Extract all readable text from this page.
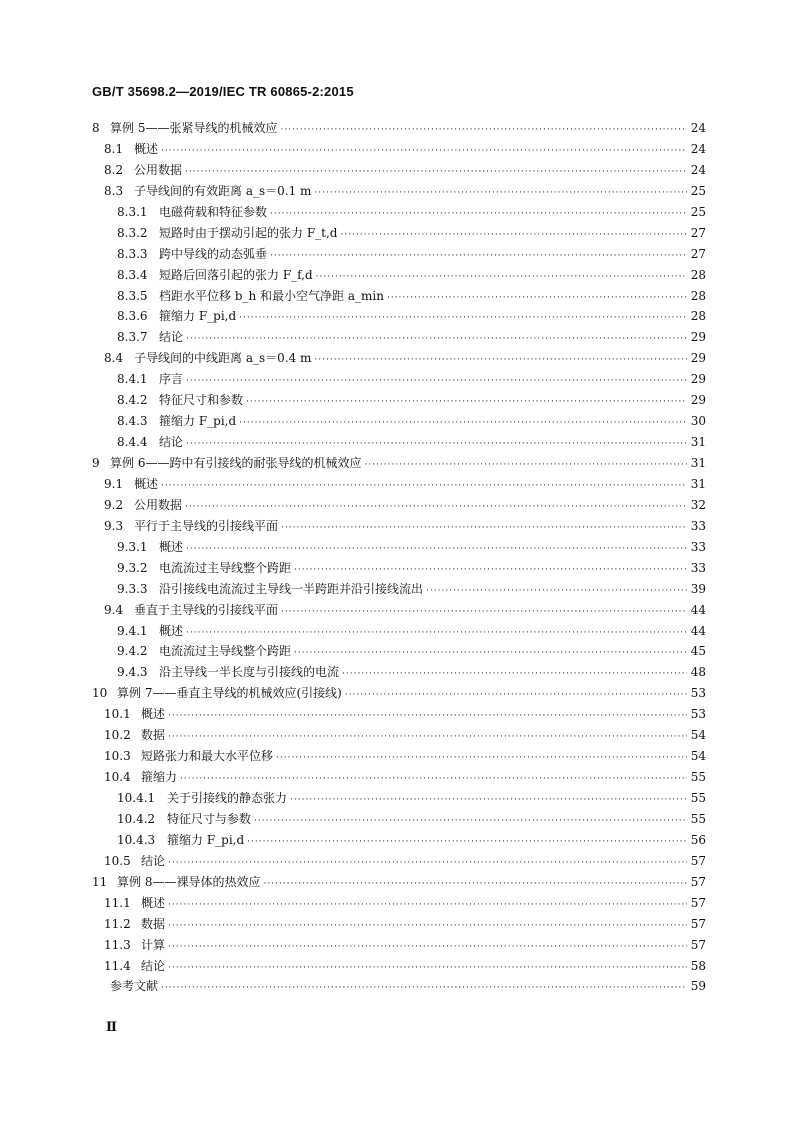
GB/T 35698.2—2019/IEC TR 60865-2:2015
8 算例 5——张紧导线的机械效应 ·····	24
8.1 概述 ·····	24
8.2 公用数据 ·····	24
8.3 子导线间的有效距离 a_s＝0.1 m ·····	25
8.3.1 电磁荷载和特征参数 ·····	25
8.3.2 短路时由于摆动引起的张力 F_t,d ·····	27
8.3.3 跨中导线的动态弧垂 ·····	27
8.3.4 短路后回落引起的张力 F_f,d ·····	28
8.3.5 档距水平位移 b_h 和最小空气净距 a_min ·····	28
8.3.6 箍缩力 F_pi,d ·····	28
8.3.7 结论 ·····	29
8.4 子导线间的中线距离 a_s＝0.4 m ·····	29
8.4.1 序言 ·····	29
8.4.2 特征尺寸和参数 ·····	29
8.4.3 箍缩力 F_pi,d ·····	30
8.4.4 结论 ·····	31
9 算例 6——跨中有引接线的耐张导线的机械效应 ·····	31
9.1 概述 ·····	31
9.2 公用数据 ·····	32
9.3 平行于主导线的引接线平面 ·····	33
9.3.1 概述 ·····	33
9.3.2 电流流过主导线整个跨距 ·····	33
9.3.3 沿引接线电流流过主导线一半跨距并沿引接线流出 ·····	39
9.4 垂直于主导线的引接线平面 ·····	44
9.4.1 概述 ·····	44
9.4.2 电流流过主导线整个跨距 ·····	45
9.4.3 沿主导线一半长度与引接线的电流 ·····	48
10 算例 7——垂直主导线的机械效应(引接线) ·····	53
10.1 概述 ·····	53
10.2 数据 ·····	54
10.3 短路张力和最大水平位移 ·····	54
10.4 箍缩力 ·····	55
10.4.1 关于引接线的静态张力 ·····	55
10.4.2 特征尺寸与参数 ·····	55
10.4.3 箍缩力 F_pi,d ·····	56
10.5 结论 ·····	57
11 算例 8——裸导体的热效应 ·····	57
11.1 概述 ·····	57
11.2 数据 ·····	57
11.3 计算 ·····	57
11.4 结论 ·····	58
参考文献 ·····	59
Ⅱ
